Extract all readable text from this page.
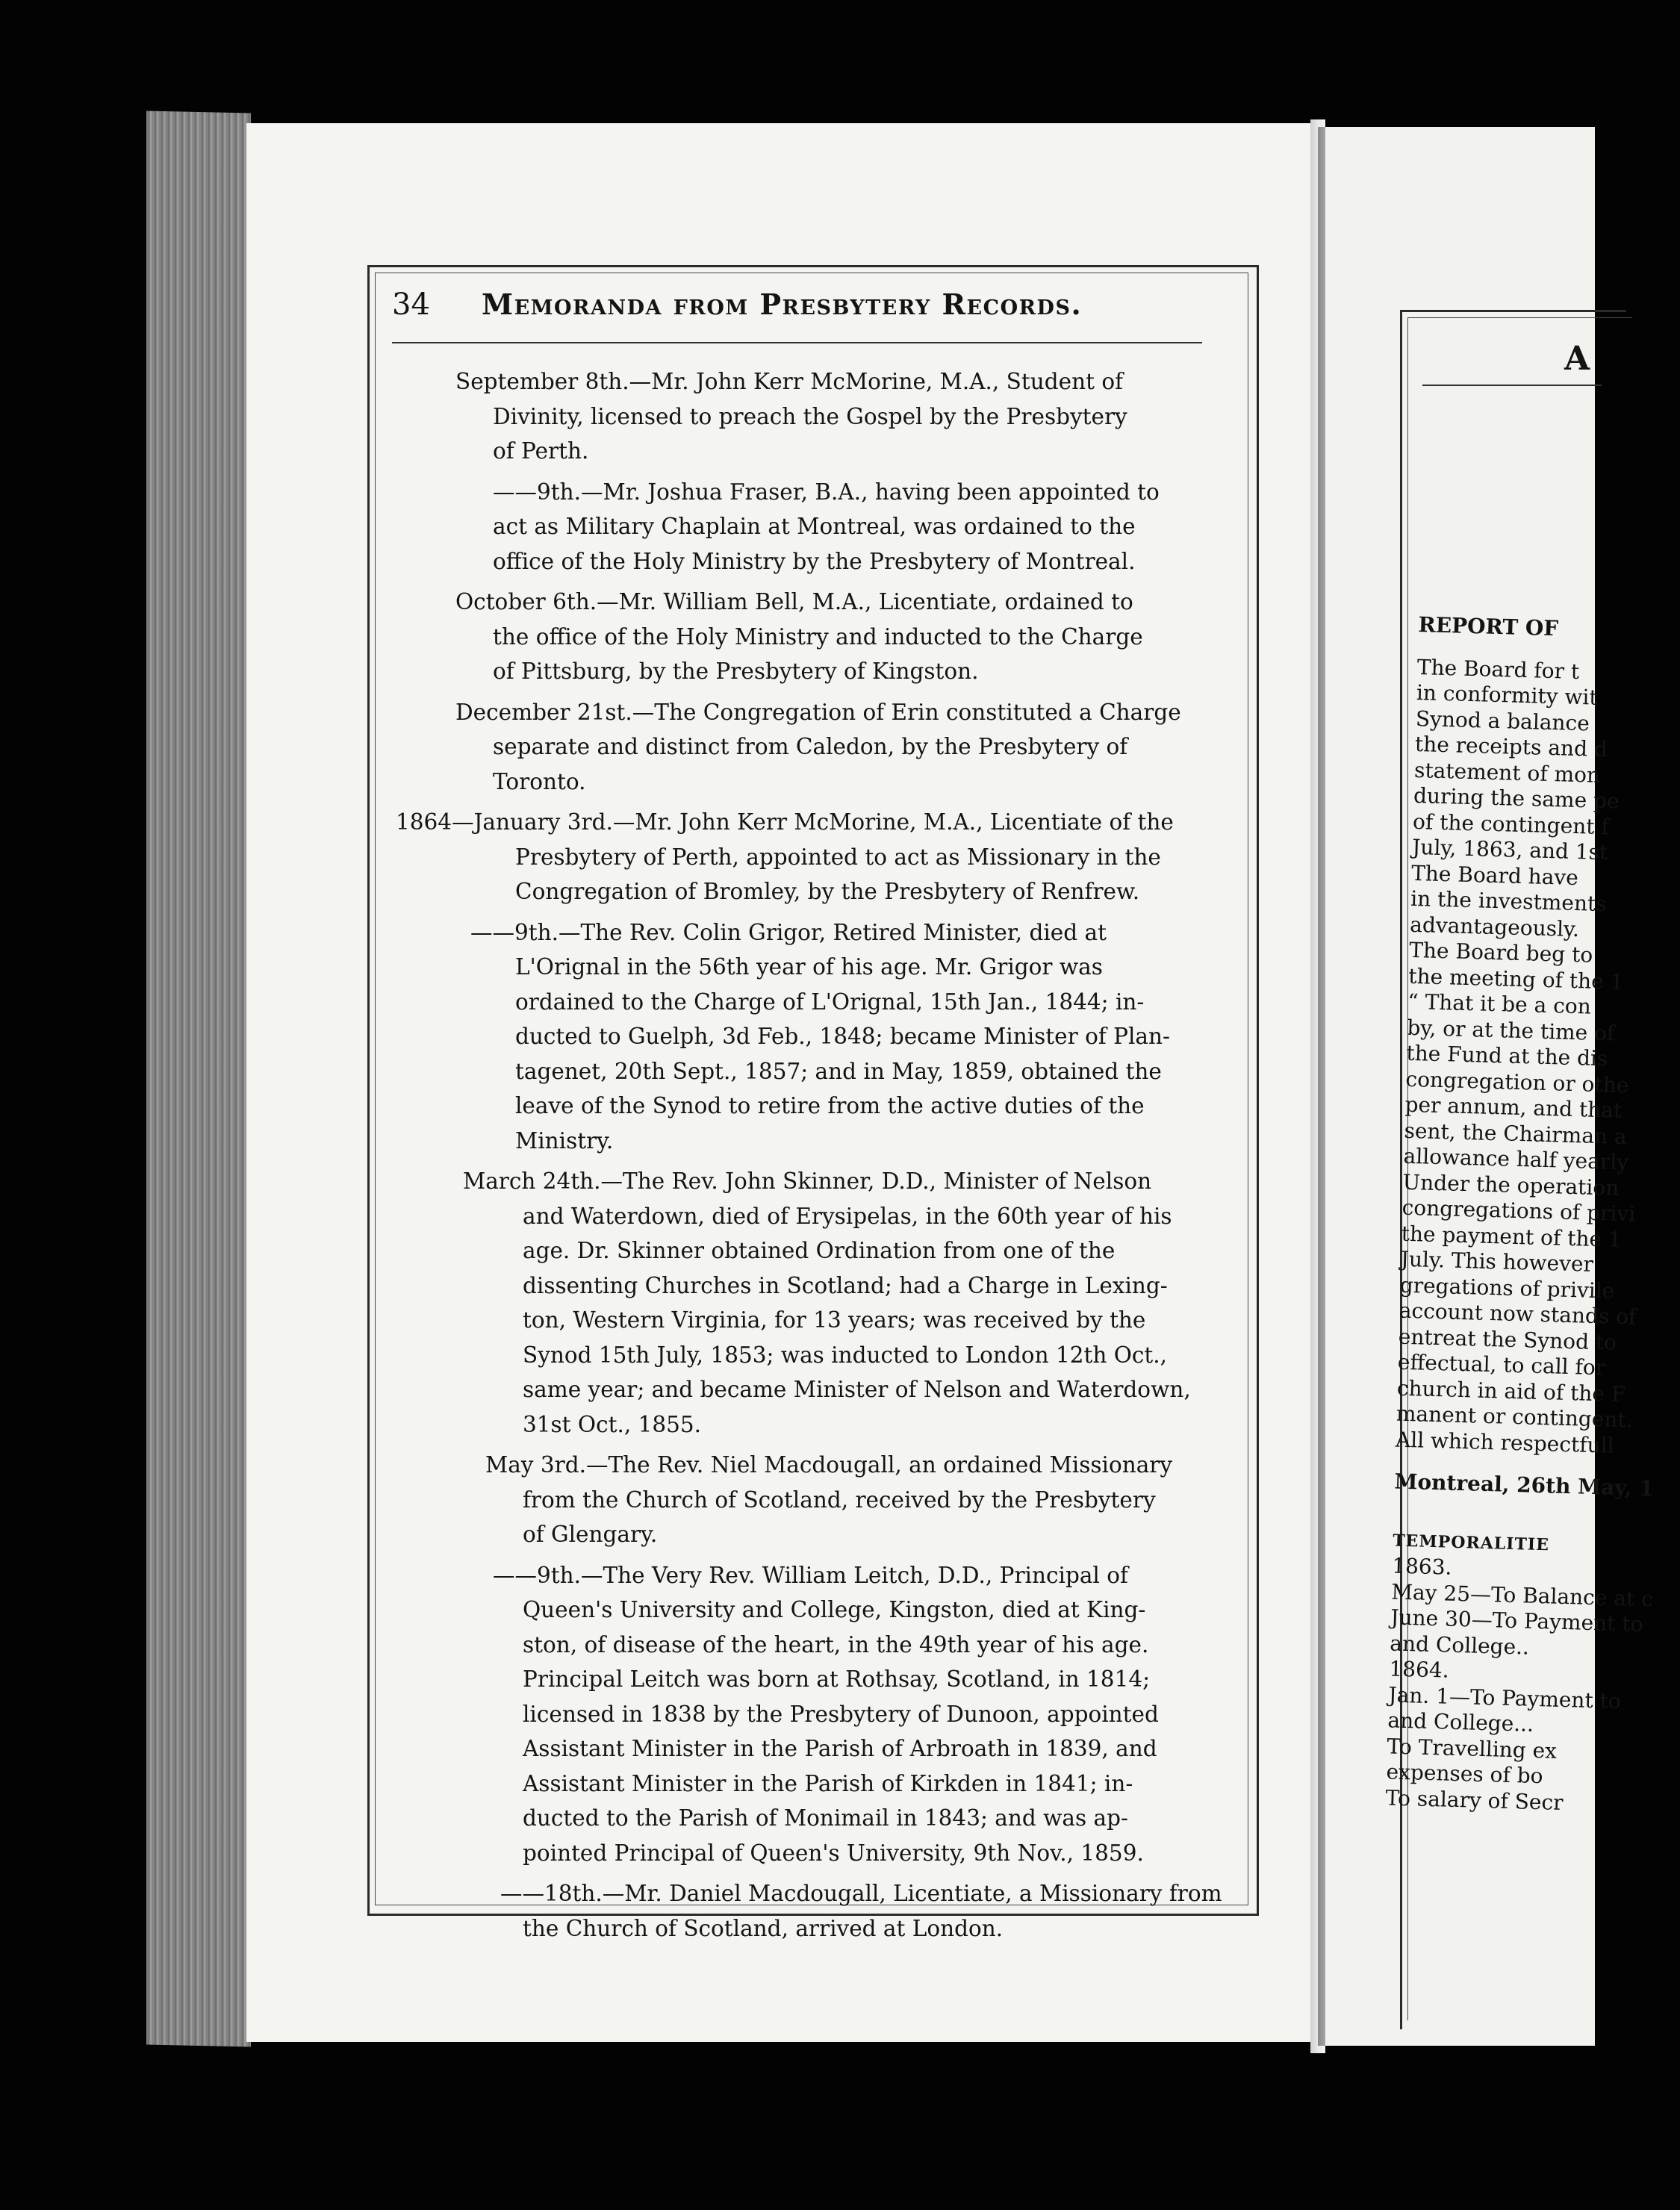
34	Memoranda from Presbytery Records.
September 8th.—Mr. John Kerr McMorine, M.A., Student of
Divinity, licensed to preach the Gospel by the Presbytery
of Perth.
——9th.—Mr. Joshua Fraser, B.A., having been appointed to
act as Military Chaplain at Montreal, was ordained to the
office of the Holy Ministry by the Presbytery of Montreal.
October 6th.—Mr. William Bell, M.A., Licentiate, ordained to
the office of the Holy Ministry and inducted to the Charge
of Pittsburg, by the Presbytery of Kingston.
December 21st.—The Congregation of Erin constituted a Charge
separate and distinct from Caledon, by the Presbytery of
Toronto.
1864—January 3rd.—Mr. John Kerr McMorine, M.A., Licentiate of the
Presbytery of Perth, appointed to act as Missionary in the
Congregation of Bromley, by the Presbytery of Renfrew.
——9th.—The Rev. Colin Grigor, Retired Minister, died at
L'Orignal in the 56th year of his age. Mr. Grigor was
ordained to the Charge of L'Orignal, 15th Jan., 1844; in-
ducted to Guelph, 3d Feb., 1848; became Minister of Plan-
tagenet, 20th Sept., 1857; and in May, 1859, obtained the
leave of the Synod to retire from the active duties of the
Ministry.
March 24th.—The Rev. John Skinner, D.D., Minister of Nelson
and Waterdown, died of Erysipelas, in the 60th year of his
age. Dr. Skinner obtained Ordination from one of the
dissenting Churches in Scotland; had a Charge in Lexing-
ton, Western Virginia, for 13 years; was received by the
Synod 15th July, 1853; was inducted to London 12th Oct.,
same year; and became Minister of Nelson and Waterdown,
31st Oct., 1855.
May 3rd.—The Rev. Niel Macdougall, an ordained Missionary
from the Church of Scotland, received by the Presbytery
of Glengary.
——9th.—The Very Rev. William Leitch, D.D., Principal of
Queen's University and College, Kingston, died at King-
ston, of disease of the heart, in the 49th year of his age.
Principal Leitch was born at Rothsay, Scotland, in 1814;
licensed in 1838 by the Presbytery of Dunoon, appointed
Assistant Minister in the Parish of Arbroath in 1839, and
Assistant Minister in the Parish of Kirkden in 1841; in-
ducted to the Parish of Monimail in 1843; and was ap-
pointed Principal of Queen's University, 9th Nov., 1859.
——18th.—Mr. Daniel Macdougall, Licentiate, a Missionary from
the Church of Scotland, arrived at London.
A
REPORT OF
The Board for t
in conformity wit
Synod a balance
the receipts and d
statement of mon
during the same pe
of the contingent f
July, 1863, and 1st
The Board have
in the investments
advantageously.
The Board beg to
the meeting of the 1
“ That it be a con
by, or at the time of
the Fund at the dis
congregation or othe
per annum, and that
sent, the Chairman a
allowance half yearly
Under the operation
congregations of privi
the payment of the 1
July. This however
gregations of privile
account now stands of
entreat the Synod to
effectual, to call for
church in aid of the F
manent or contingent.
All which respectfull
Montreal, 26th May, 1
TEMPORALITIE
1863.
May 25—To Balance at c
June 30—To Payment to
and College..
1864.
Jan. 1—To Payment to
and College...
To Travelling ex
expenses of bo
To salary of Secr
